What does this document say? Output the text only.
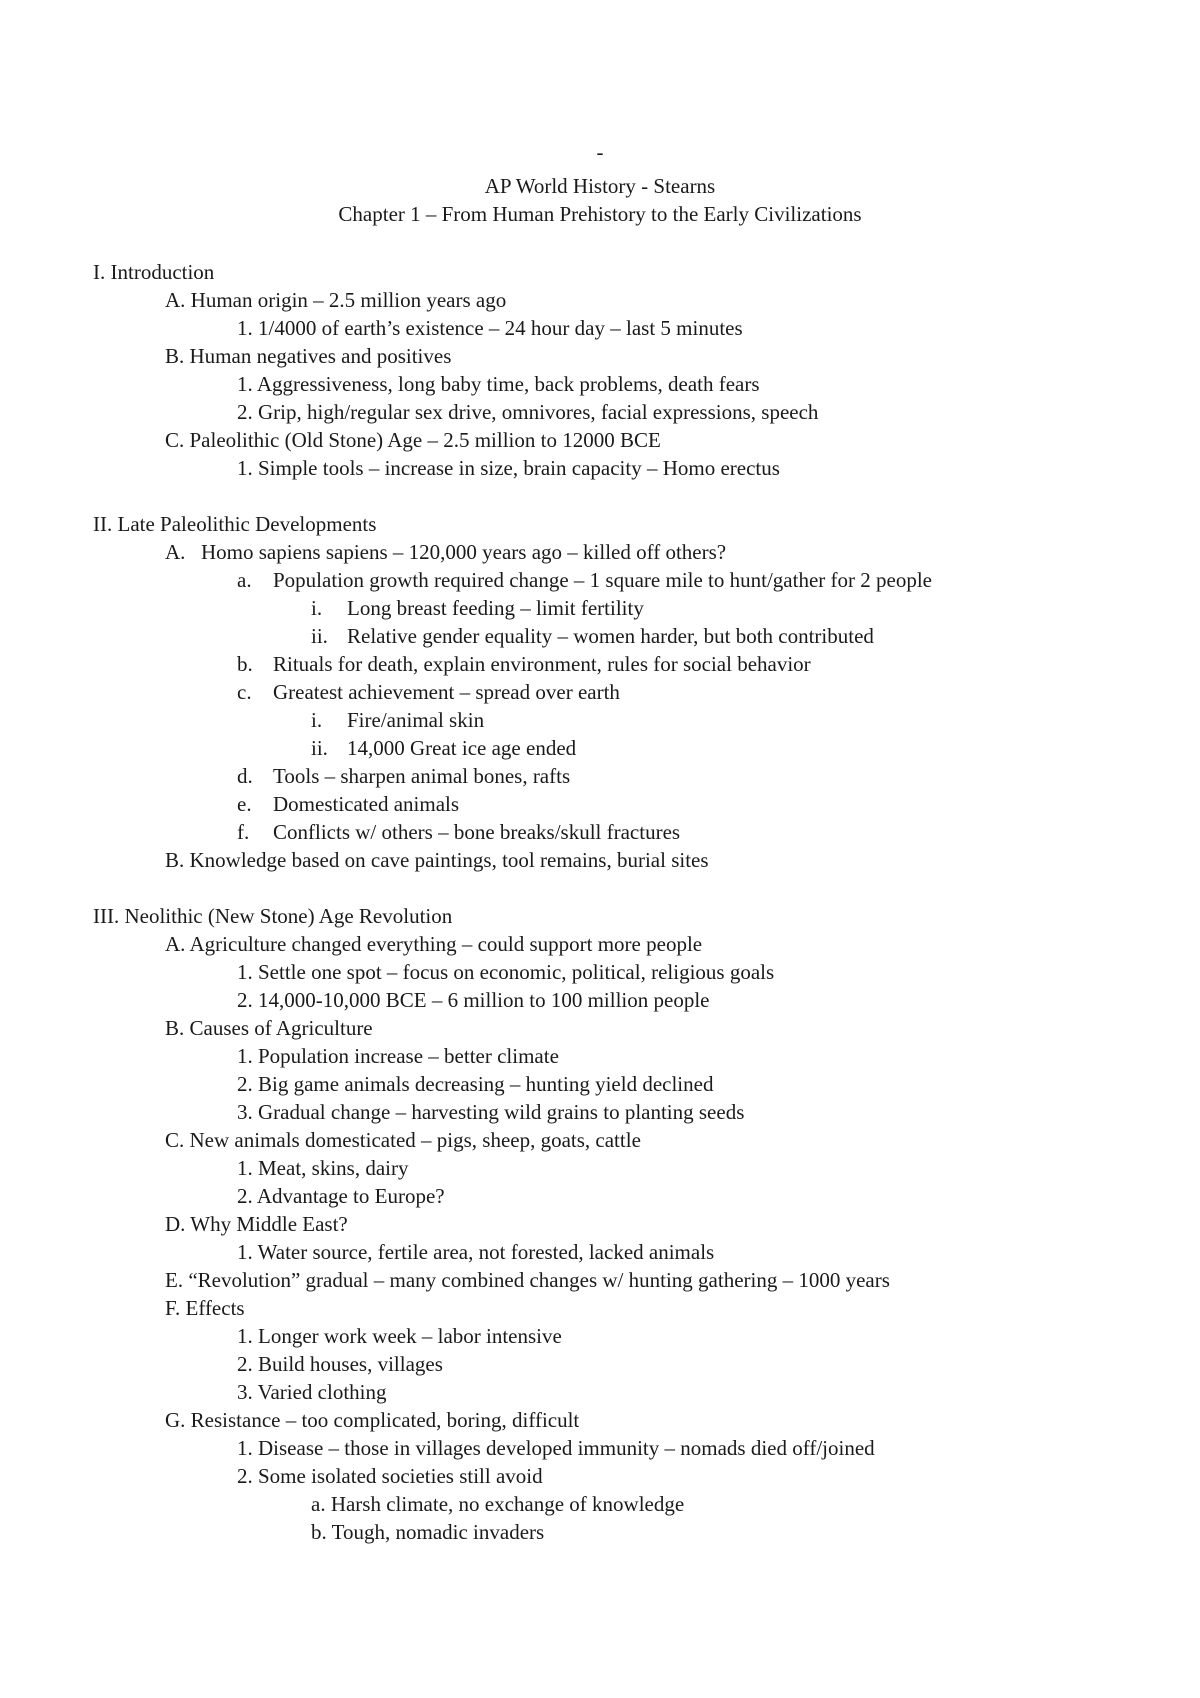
-
AP World History - Stearns
Chapter 1 – From Human Prehistory to the Early Civilizations
I. Introduction
A. Human origin – 2.5 million years ago
1. 1/4000 of earth’s existence – 24 hour day – last 5 minutes
B. Human negatives and positives
1. Aggressiveness, long baby time, back problems, death fears
2. Grip, high/regular sex drive, omnivores, facial expressions, speech
C. Paleolithic (Old Stone) Age – 2.5 million to 12000 BCE
1. Simple tools – increase in size, brain capacity – Homo erectus
II. Late Paleolithic Developments
A. Homo sapiens sapiens – 120,000 years ago – killed off others?
a. Population growth required change – 1 square mile to hunt/gather for 2 people
i. Long breast feeding – limit fertility
ii. Relative gender equality – women harder, but both contributed
b. Rituals for death, explain environment, rules for social behavior
c. Greatest achievement – spread over earth
i. Fire/animal skin
ii. 14,000 Great ice age ended
d. Tools – sharpen animal bones, rafts
e. Domesticated animals
f. Conflicts w/ others – bone breaks/skull fractures
B. Knowledge based on cave paintings, tool remains, burial sites
III. Neolithic (New Stone) Age Revolution
A. Agriculture changed everything – could support more people
1. Settle one spot – focus on economic, political, religious goals
2. 14,000-10,000 BCE – 6 million to 100 million people
B. Causes of Agriculture
1. Population increase – better climate
2. Big game animals decreasing – hunting yield declined
3. Gradual change – harvesting wild grains to planting seeds
C. New animals domesticated – pigs, sheep, goats, cattle
1. Meat, skins, dairy
2. Advantage to Europe?
D. Why Middle East?
1. Water source, fertile area, not forested, lacked animals
E. “Revolution” gradual – many combined changes w/ hunting gathering – 1000 years
F. Effects
1. Longer work week – labor intensive
2. Build houses, villages
3. Varied clothing
G. Resistance – too complicated, boring, difficult
1. Disease – those in villages developed immunity – nomads died off/joined
2. Some isolated societies still avoid
a. Harsh climate, no exchange of knowledge
b. Tough, nomadic invaders
